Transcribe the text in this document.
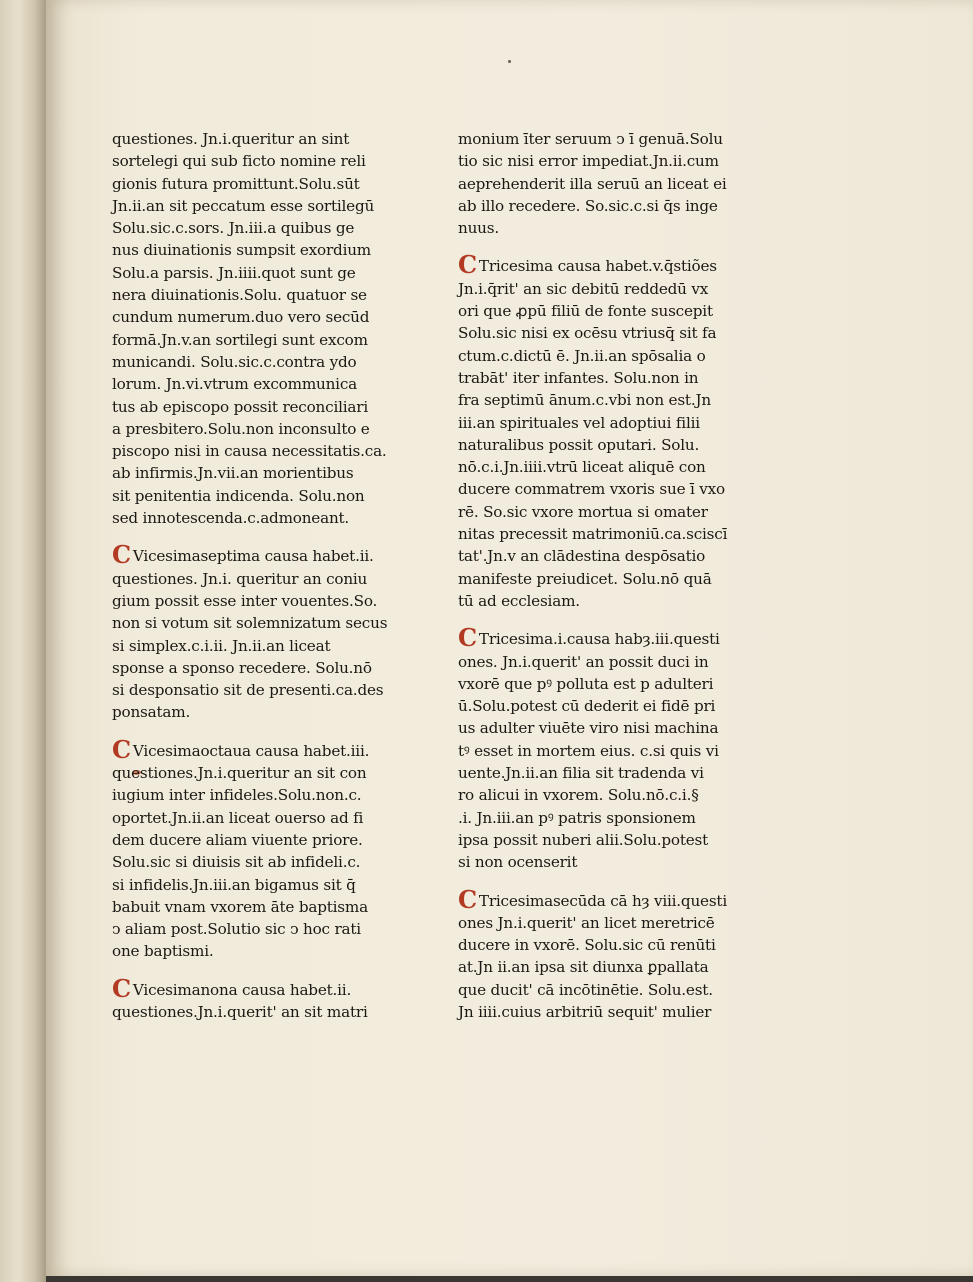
questiones. Jn.i.queritur an sint
sortelegi qui sub ficto nomine reli
gionis futura promittunt.Solu.sūt
Jn.ii.an sit peccatum esse sortilegū
Solu.sic.c.sors. Jn.iii.a quibus ge
nus diuinationis sumpsit exordium
Solu.a parsis. Jn.iiii.quot sunt ge
nera diuinationis.Solu. quatuor se
cundum numerum.duo vero secūd
formā.Jn.v.an sortilegi sunt excom
municandi. Solu.sic.c.contra ydo
lorum. Jn.vi.vtrum excommunica
tus ab episcopo possit reconciliari
a presbitero.Solu.non inconsulto e
piscopo nisi in causa necessitatis.ca.
ab infirmis.Jn.vii.an morientibus
sit penitentia indicenda. Solu.non
sed innotescenda.c.admoneant.
C Vicesimaseptima causa habet.ii.
questiones. Jn.i. queritur an coniu
gium possit esse inter vouentes.So.
non si votum sit solemnizatum secus
si simplex.c.i.ii. Jn.ii.an liceat
sponse a sponso recedere. Solu.nō
si desponsatio sit de presenti.ca.des
ponsatam.
C Vicesimaoctaua causa habet.iii.
questiones.Jn.i.queritur an sit con
iugium inter infideles.Solu.non.c.
oportet.Jn.ii.an liceat ouerso ad fi
dem ducere aliam viuente priore.
Solu.sic si diuisis sit ab infideli.c.
si infidelis.Jn.iii.an bigamus sit q̄
babuit vnam vxorem āte baptisma
ↄ aliam post.Solutio sic ↄ hoc rati
one baptismi.
C Vicesimanona causa habet.ii.
questiones.Jn.i.querit' an sit matri
monium īter seruum ↄ ī genuā.Solu
tio sic nisi error impediat.Jn.ii.cum
aeprehenderit illa seruū an liceat ei
ab illo recedere. So.sic.c.si q̄s inge
nuus.
C Tricesima causa habet.v.q̄stiões
Jn.i.q̄rit' an sic debitū reddedū vx
ori que ꝓpū filiū de fonte suscepit
Solu.sic nisi ex ocēsu vtriusq̄ sit fa
ctum.c.dictū ē. Jn.ii.an spōsalia o
trabāt' iter infantes. Solu.non in
fra septimū ānum.c.vbi non est.Jn
iii.an spirituales vel adoptiui filii
naturalibus possit oputari. Solu.
nō.c.i.Jn.iiii.vtrū liceat aliquē con
ducere commatrem vxoris sue ī vxo
rē. So.sic vxore mortua si omater
nitas precessit matrimoniū.ca.sciscī
tat'.Jn.v an clādestina despōsatio
manifeste preiudicet. Solu.nō quā
tū ad ecclesiam.
C Tricesima.i.causa habȝ.iii.questi
ones. Jn.i.querit' an possit duci in
vxorē que pꝰ polluta est p adulteri
ū.Solu.potest cū dederit ei fidē pri
us adulter viuēte viro nisi machina
tꝰ esset in mortem eius. c.si quis vi
uente.Jn.ii.an filia sit tradenda vi
ro alicui in vxorem. Solu.nō.c.i.§
.i. Jn.iii.an pꝰ patris sponsionem
ipsa possit nuberi alii.Solu.potest
si non ocenserit
C Tricesimasecūda cā hȝ viii.questi
ones Jn.i.querit' an licet meretricē
ducere in vxorē. Solu.sic cū renūti
at.Jn ii.an ipsa sit diunxa ꝑpallata
que ducit' cā incōtinētie. Solu.est.
Jn iiii.cuius arbitriū sequit' mulier
